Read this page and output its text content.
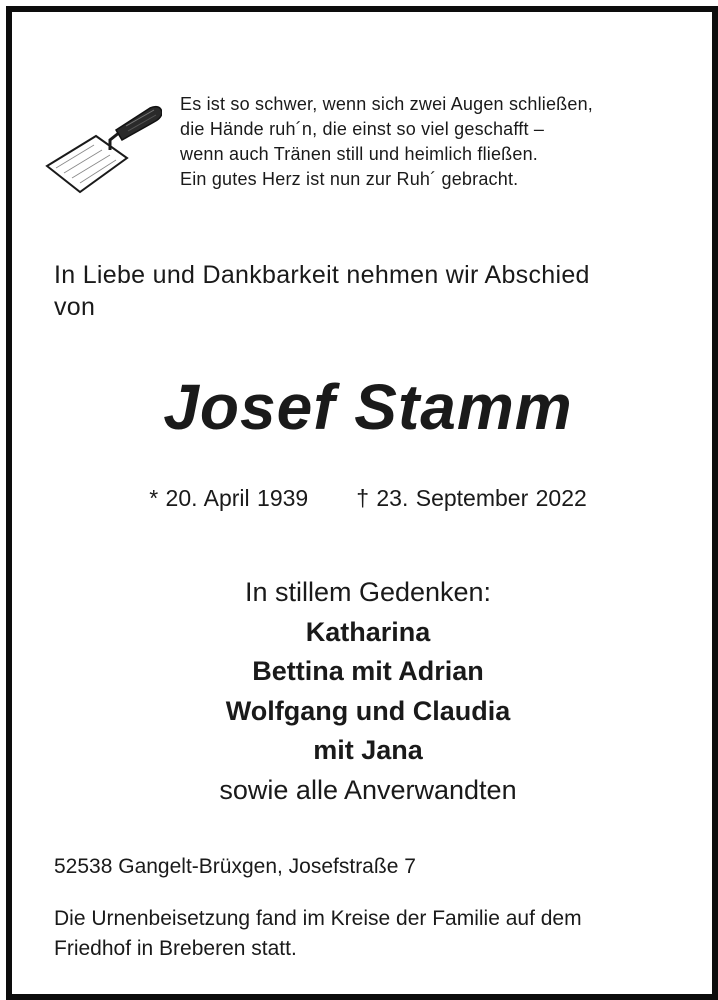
Es ist so schwer, wenn sich zwei Augen schließen,
die Hände ruh´n, die einst so viel geschafft –
wenn auch Tränen still und heimlich fließen.
Ein gutes Herz ist nun zur Ruh´ gebracht.
In Liebe und Dankbarkeit nehmen wir Abschied
von
Josef Stamm
* 20. April 1939 † 23. September 2022
In stillem Gedenken:
Katharina
Bettina mit Adrian
Wolfgang und Claudia
mit Jana
sowie alle Anverwandten
52538 Gangelt-Brüxgen, Josefstraße 7
Die Urnenbeisetzung fand im Kreise der Familie auf dem
Friedhof in Breberen statt.
